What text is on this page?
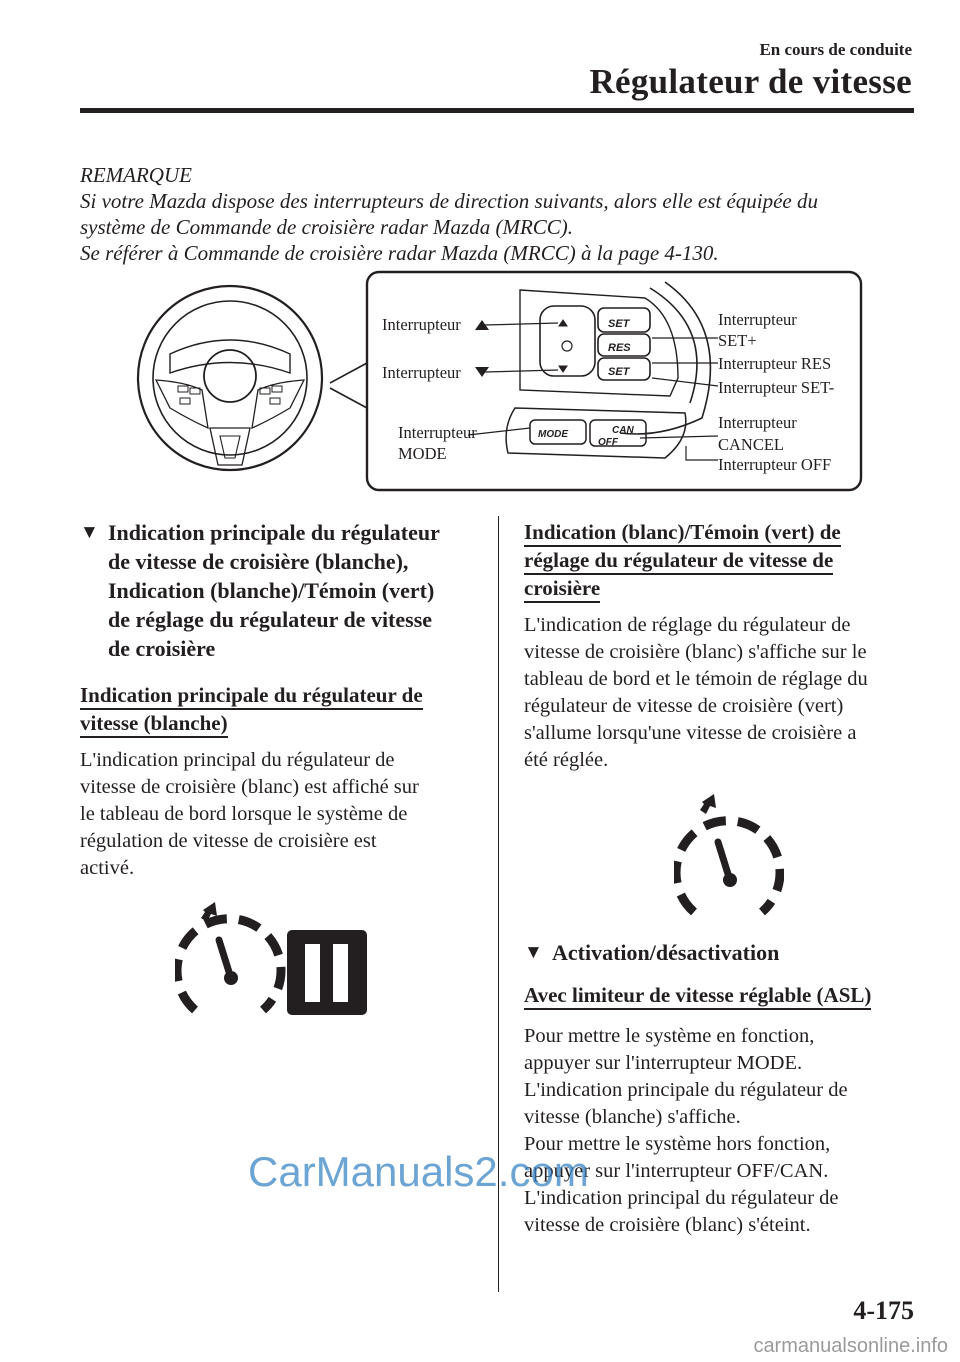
En cours de conduite
Régulateur de vitesse
REMARQUE
Si votre Mazda dispose des interrupteurs de direction suivants, alors elle est équipée du
système de Commande de croisière radar Mazda (MRCC).
Se référer à Commande de croisière radar Mazda (MRCC) à la page 4-130.
SET
RES
SET
MODE	CAN
OFF
Interrupteur
Interrupteur
Interrupteur
MODE
Interrupteur
SET+
Interrupteur RES
Interrupteur SET-
Interrupteur
CANCEL
Interrupteur OFF
▼ Indication principale du régulateur
de vitesse de croisière (blanche),
Indication (blanche)/Témoin (vert)
de réglage du régulateur de vitesse
de croisière
Indication principale du régulateur de
vitesse (blanche)
L'indication principal du régulateur de
vitesse de croisière (blanc) est affiché sur
le tableau de bord lorsque le système de
régulation de vitesse de croisière est
activé.
Indication (blanc)/Témoin (vert) de
réglage du régulateur de vitesse de
croisière
L'indication de réglage du régulateur de
vitesse de croisière (blanc) s'affiche sur le
tableau de bord et le témoin de réglage du
régulateur de vitesse de croisière (vert)
s'allume lorsqu'une vitesse de croisière a
été réglée.
▼ Activation/désactivation
Avec limiteur de vitesse réglable (ASL)
Pour mettre le système en fonction,
appuyer sur l'interrupteur MODE.
L'indication principale du régulateur de
vitesse (blanche) s'affiche.
Pour mettre le système hors fonction,
appuyer sur l'interrupteur OFF/CAN.
L'indication principal du régulateur de
vitesse de croisière (blanc) s'éteint.
CarManuals2.com
4-175
carmanualsonline.info
